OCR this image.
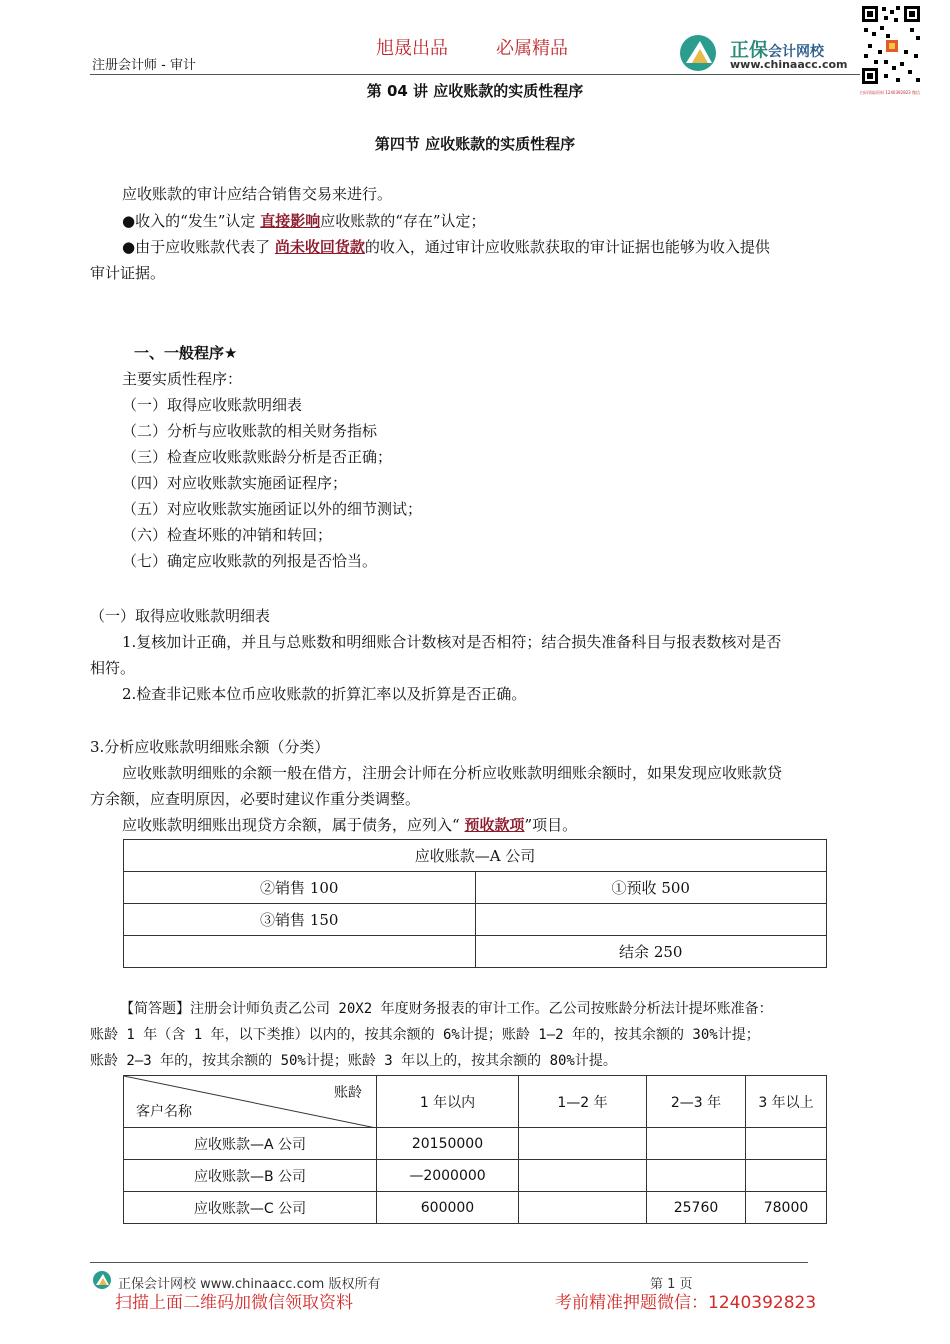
注册会计师 - 审计
旭晟出品	必属精品	正保会计网校
www.chinaacc.com
扫码领取资料 1240392823 微信
第 04 讲 应收账款的实质性程序
第四节 应收账款的实质性程序
应收账款的审计应结合销售交易来进行。
●收入的“发生”认定 直接影响应收账款的“存在”认定；
●由于应收账款代表了 尚未收回货款的收入，通过审计应收账款获取的审计证据也能够为收入提供
审计证据。
一、一般程序★
主要实质性程序：
（一）取得应收账款明细表
（二）分析与应收账款的相关财务指标
（三）检查应收账款账龄分析是否正确；
（四）对应收账款实施函证程序；
（五）对应收账款实施函证以外的细节测试；
（六）检查坏账的冲销和转回；
（七）确定应收账款的列报是否恰当。
（一）取得应收账款明细表
1.复核加计正确，并且与总账数和明细账合计数核对是否相符；结合损失准备科目与报表数核对是否
相符。
2.检查非记账本位币应收账款的折算汇率以及折算是否正确。
3.分析应收账款明细账余额（分类）
应收账款明细账的余额一般在借方，注册会计师在分析应收账款明细账余额时，如果发现应收账款贷
方余额，应查明原因，必要时建议作重分类调整。
应收账款明细账出现贷方余额，属于债务，应列入“ 预收款项”项目。
应收账款—A 公司	
②销售 100	①预收 500
③销售 150	
	结余 250
【简答题】注册会计师负责乙公司 20X2 年度财务报表的审计工作。乙公司按账龄分析法计提坏账准备：
账龄 1 年（含 1 年，以下类推）以内的，按其余额的 6%计提；账龄 1—2 年的，按其余额的 30%计提；
账龄 2—3 年的，按其余额的 50%计提；账龄 3 年以上的，按其余额的 80%计提。
账龄
客户名称	1 年以内	1—2 年	2—3 年	3 年以上
应收账款—A 公司	20150000			
应收账款—B 公司	—2000000			
应收账款—C 公司	600000		25760	78000
正保会计网校 www.chinaacc.com 版权所有	第 1 页
扫描上面二维码加微信领取资料	考前精准押题微信：1240392823
